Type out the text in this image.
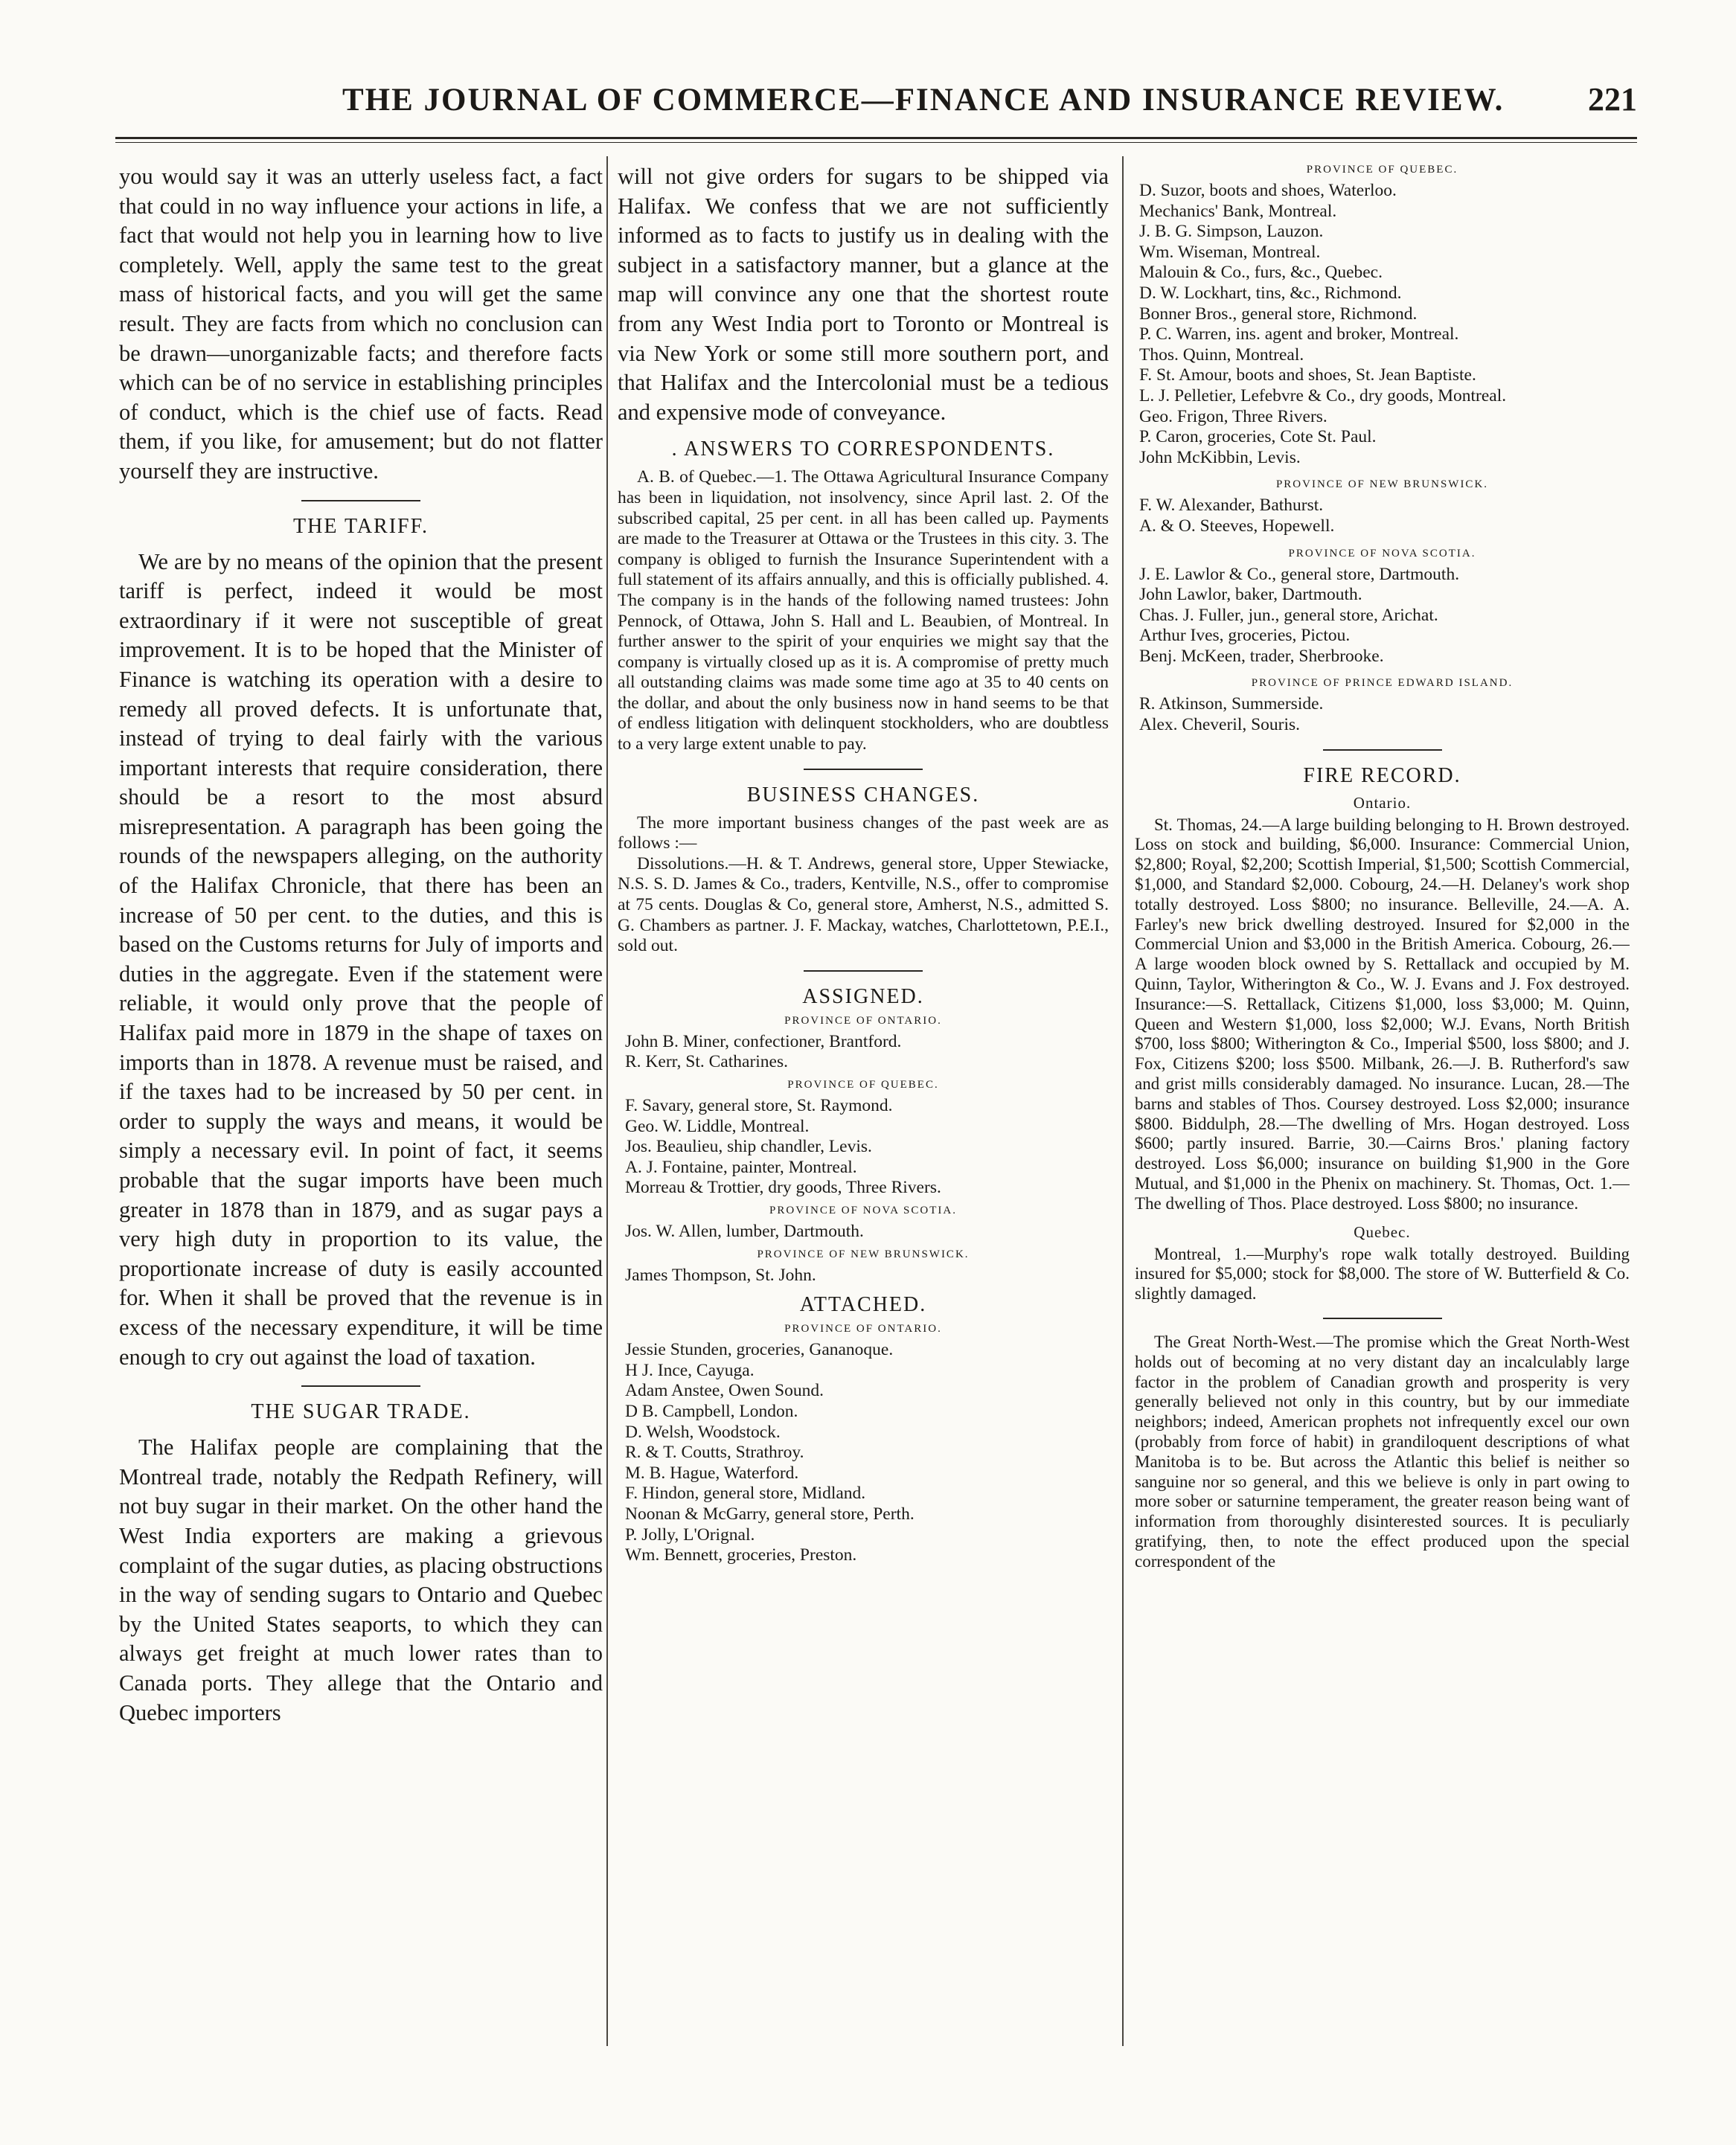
THE JOURNAL OF COMMERCE—FINANCE AND INSURANCE REVIEW.	221

you would say it was an utterly useless fact, a fact that could in no way influence your actions in life, a fact that would not help you in learning how to live completely. Well, apply the same test to the great mass of historical facts, and you will get the same result. They are facts from which no conclusion can be drawn—unorganizable facts; and therefore facts which can be of no service in establishing principles of conduct, which is the chief use of facts. Read them, if you like, for amusement; but do not flatter yourself they are instructive.

THE TARIFF.

We are by no means of the opinion that the present tariff is perfect, indeed it would be most extraordinary if it were not susceptible of great improvement. It is to be hoped that the Minister of Finance is watching its operation with a desire to remedy all proved defects. It is unfortunate that, instead of trying to deal fairly with the various important interests that require consideration, there should be a resort to the most absurd misrepresentation. A paragraph has been going the rounds of the newspapers alleging, on the authority of the Halifax Chronicle, that there has been an increase of 50 per cent. to the duties, and this is based on the Customs returns for July of imports and duties in the aggregate. Even if the statement were reliable, it would only prove that the people of Halifax paid more in 1879 in the shape of taxes on imports than in 1878. A revenue must be raised, and if the taxes had to be increased by 50 per cent. in order to supply the ways and means, it would be simply a necessary evil. In point of fact, it seems probable that the sugar imports have been much greater in 1878 than in 1879, and as sugar pays a very high duty in proportion to its value, the proportionate increase of duty is easily accounted for. When it shall be proved that the revenue is in excess of the necessary expenditure, it will be time enough to cry out against the load of taxation.

THE SUGAR TRADE.

The Halifax people are complaining that the Montreal trade, notably the Redpath Refinery, will not buy sugar in their market. On the other hand the West India exporters are making a grievous complaint of the sugar duties, as placing obstructions in the way of sending sugars to Ontario and Quebec by the United States seaports, to which they can always get freight at much lower rates than to Canada ports. They allege that the Ontario and Quebec importers

will not give orders for sugars to be shipped via Halifax. We confess that we are not sufficiently informed as to facts to justify us in dealing with the subject in a satisfactory manner, but a glance at the map will convince any one that the shortest route from any West India port to Toronto or Montreal is via New York or some still more southern port, and that Halifax and the Intercolonial must be a tedious and expensive mode of conveyance.

. ANSWERS TO CORRESPONDENTS.

A. B. of Quebec.—1. The Ottawa Agricultural Insurance Company has been in liquidation, not insolvency, since April last. 2. Of the subscribed capital, 25 per cent. in all has been called up. Payments are made to the Treasurer at Ottawa or the Trustees in this city. 3. The company is obliged to furnish the Insurance Superintendent with a full statement of its affairs annually, and this is officially published. 4. The company is in the hands of the following named trustees: John Pennock, of Ottawa, John S. Hall and L. Beaubien, of Montreal. In further answer to the spirit of your enquiries we might say that the company is virtually closed up as it is. A compromise of pretty much all outstanding claims was made some time ago at 35 to 40 cents on the dollar, and about the only business now in hand seems to be that of endless litigation with delinquent stockholders, who are doubtless to a very large extent unable to pay.

BUSINESS CHANGES.

The more important business changes of the past week are as follows :—

Dissolutions.—H. & T. Andrews, general store, Upper Stewiacke, N.S. S. D. James & Co., traders, Kentville, N.S., offer to compromise at 75 cents. Douglas & Co, general store, Amherst, N.S., admitted S. G. Chambers as partner. J. F. Mackay, watches, Charlottetown, P.E.I., sold out.

ASSIGNED.

PROVINCE OF ONTARIO.

John B. Miner, confectioner, Brantford.

R. Kerr, St. Catharines.

PROVINCE OF QUEBEC.

F. Savary, general store, St. Raymond.

Geo. W. Liddle, Montreal.

Jos. Beaulieu, ship chandler, Levis.

A. J. Fontaine, painter, Montreal.

Morreau & Trottier, dry goods, Three Rivers.

PROVINCE OF NOVA SCOTIA.

Jos. W. Allen, lumber, Dartmouth.

PROVINCE OF NEW BRUNSWICK.

James Thompson, St. John.

ATTACHED.

PROVINCE OF ONTARIO.

Jessie Stunden, groceries, Gananoque.

H J. Ince, Cayuga.

Adam Anstee, Owen Sound.

D B. Campbell, London.

D. Welsh, Woodstock.

R. & T. Coutts, Strathroy.

M. B. Hague, Waterford.

F. Hindon, general store, Midland.

Noonan & McGarry, general store, Perth.

P. Jolly, L'Orignal.

Wm. Bennett, groceries, Preston.

PROVINCE OF QUEBEC.

D. Suzor, boots and shoes, Waterloo.

Mechanics' Bank, Montreal.

J. B. G. Simpson, Lauzon.

Wm. Wiseman, Montreal.

Malouin & Co., furs, &c., Quebec.

D. W. Lockhart, tins, &c., Richmond.

Bonner Bros., general store, Richmond.

P. C. Warren, ins. agent and broker, Montreal.

Thos. Quinn, Montreal.

F. St. Amour, boots and shoes, St. Jean Baptiste.

L. J. Pelletier, Lefebvre & Co., dry goods, Montreal.

Geo. Frigon, Three Rivers.

P. Caron, groceries, Cote St. Paul.

John McKibbin, Levis.

PROVINCE OF NEW BRUNSWICK.

F. W. Alexander, Bathurst.

A. & O. Steeves, Hopewell.

PROVINCE OF NOVA SCOTIA.

J. E. Lawlor & Co., general store, Dartmouth.

John Lawlor, baker, Dartmouth.

Chas. J. Fuller, jun., general store, Arichat.

Arthur Ives, groceries, Pictou.

Benj. McKeen, trader, Sherbrooke.

PROVINCE OF PRINCE EDWARD ISLAND.

R. Atkinson, Summerside.

Alex. Cheveril, Souris.

FIRE RECORD.

Ontario.

St. Thomas, 24.—A large building belonging to H. Brown destroyed. Loss on stock and building, $6,000. Insurance: Commercial Union, $2,800; Royal, $2,200; Scottish Imperial, $1,500; Scottish Commercial, $1,000, and Standard $2,000. Cobourg, 24.—H. Delaney's work shop totally destroyed. Loss $800; no insurance. Belleville, 24.—A. A. Farley's new brick dwelling destroyed. Insured for $2,000 in the Commercial Union and $3,000 in the British America. Cobourg, 26.—A large wooden block owned by S. Rettallack and occupied by M. Quinn, Taylor, Witherington & Co., W. J. Evans and J. Fox destroyed. Insurance:—S. Rettallack, Citizens $1,000, loss $3,000; M. Quinn, Queen and Western $1,000, loss $2,000; W.J. Evans, North British $700, loss $800; Witherington & Co., Imperial $500, loss $800; and J. Fox, Citizens $200; loss $500. Milbank, 26.—J. B. Rutherford's saw and grist mills considerably damaged. No insurance. Lucan, 28.—The barns and stables of Thos. Coursey destroyed. Loss $2,000; insurance $800. Biddulph, 28.—The dwelling of Mrs. Hogan destroyed. Loss $600; partly insured. Barrie, 30.—Cairns Bros.' planing factory destroyed. Loss $6,000; insurance on building $1,900 in the Gore Mutual, and $1,000 in the Phenix on machinery. St. Thomas, Oct. 1.—The dwelling of Thos. Place destroyed. Loss $800; no insurance.

Quebec.

Montreal, 1.—Murphy's rope walk totally destroyed. Building insured for $5,000; stock for $8,000. The store of W. Butterfield & Co. slightly damaged.

The Great North-West.—The promise which the Great North-West holds out of becoming at no very distant day an incalculably large factor in the problem of Canadian growth and prosperity is very generally believed not only in this country, but by our immediate neighbors; indeed, American prophets not infrequently excel our own (probably from force of habit) in grandiloquent descriptions of what Manitoba is to be. But across the Atlantic this belief is neither so sanguine nor so general, and this we believe is only in part owing to more sober or saturnine temperament, the greater reason being want of information from thoroughly disinterested sources. It is peculiarly gratifying, then, to note the effect produced upon the special correspondent of the
